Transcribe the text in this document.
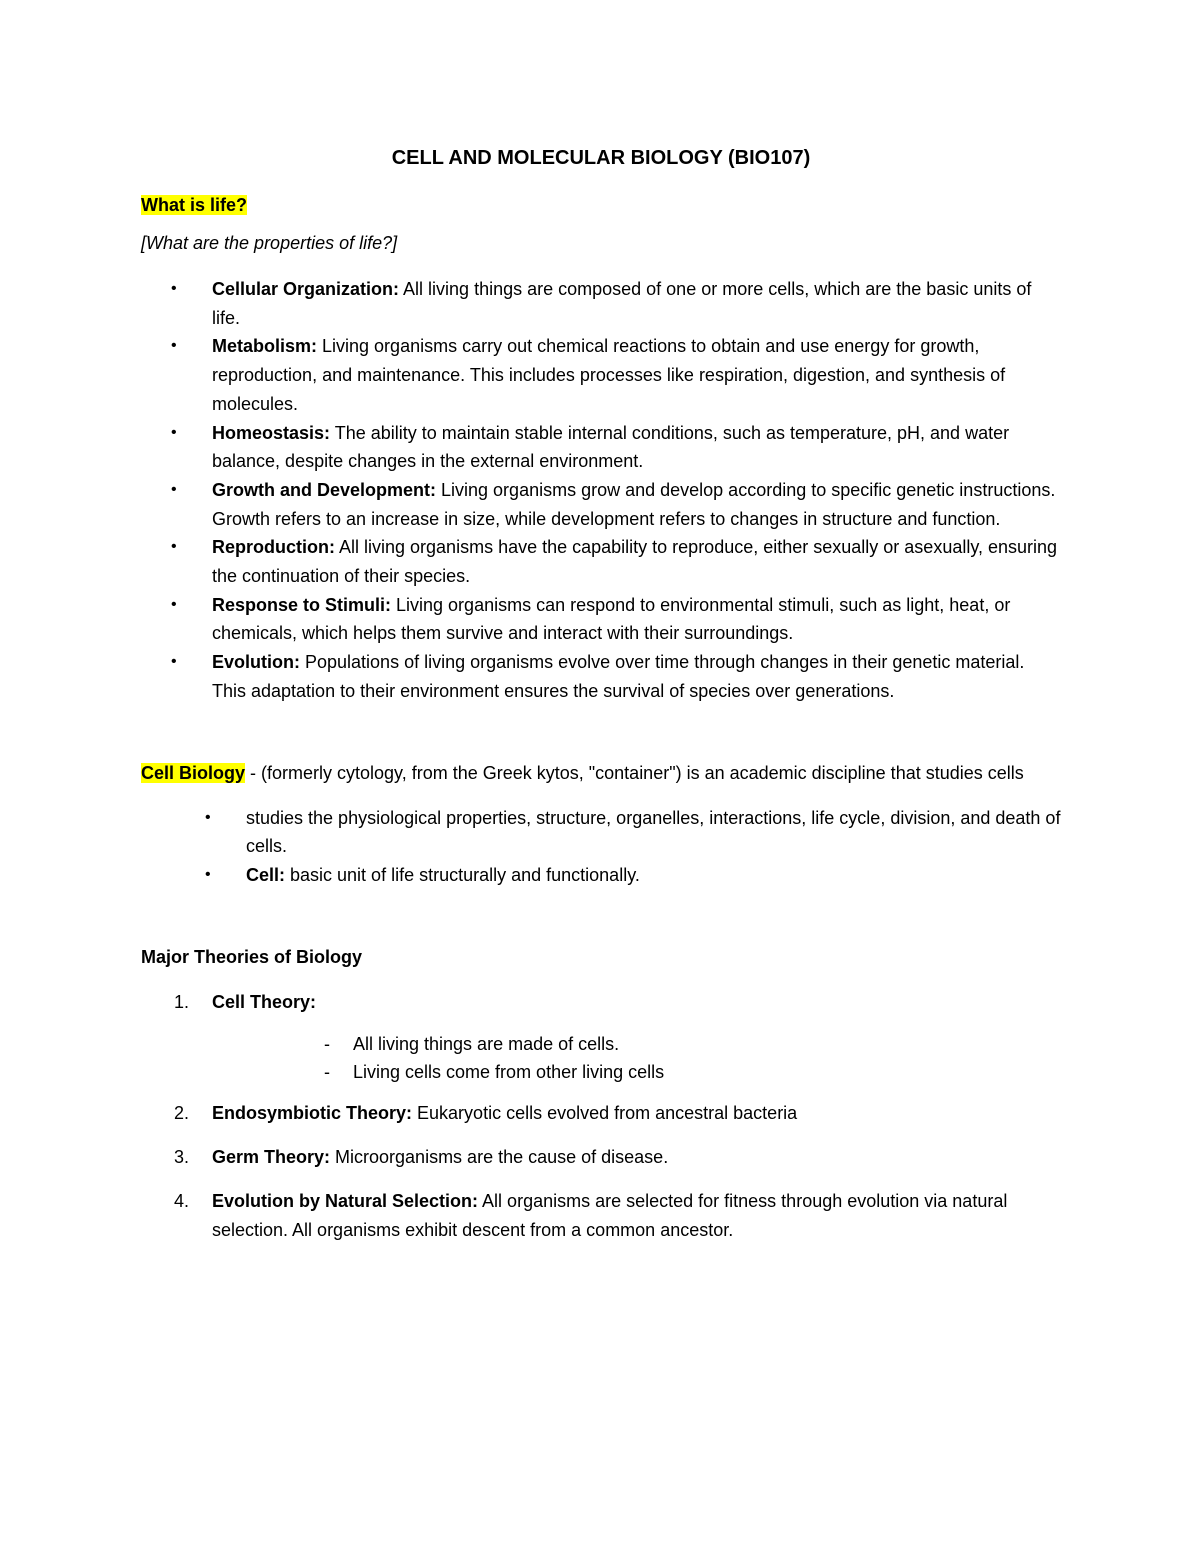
CELL AND MOLECULAR BIOLOGY (BIO107)
What is life?
[What are the properties of life?]
• Cellular Organization: All living things are composed of one or more cells, which are the basic units of life.
• Metabolism: Living organisms carry out chemical reactions to obtain and use energy for growth, reproduction, and maintenance. This includes processes like respiration, digestion, and synthesis of molecules.
• Homeostasis: The ability to maintain stable internal conditions, such as temperature, pH, and water balance, despite changes in the external environment.
• Growth and Development: Living organisms grow and develop according to specific genetic instructions. Growth refers to an increase in size, while development refers to changes in structure and function.
• Reproduction: All living organisms have the capability to reproduce, either sexually or asexually, ensuring the continuation of their species.
• Response to Stimuli: Living organisms can respond to environmental stimuli, such as light, heat, or chemicals, which helps them survive and interact with their surroundings.
• Evolution: Populations of living organisms evolve over time through changes in their genetic material. This adaptation to their environment ensures the survival of species over generations.
Cell Biology - (formerly cytology, from the Greek kytos, "container") is an academic discipline that studies cells
• studies the physiological properties, structure, organelles, interactions, life cycle, division, and death of cells.
• Cell: basic unit of life structurally and functionally.
Major Theories of Biology
1. Cell Theory:
- All living things are made of cells.
- Living cells come from other living cells
2. Endosymbiotic Theory: Eukaryotic cells evolved from ancestral bacteria
3. Germ Theory: Microorganisms are the cause of disease.
4. Evolution by Natural Selection: All organisms are selected for fitness through evolution via natural selection. All organisms exhibit descent from a common ancestor.
